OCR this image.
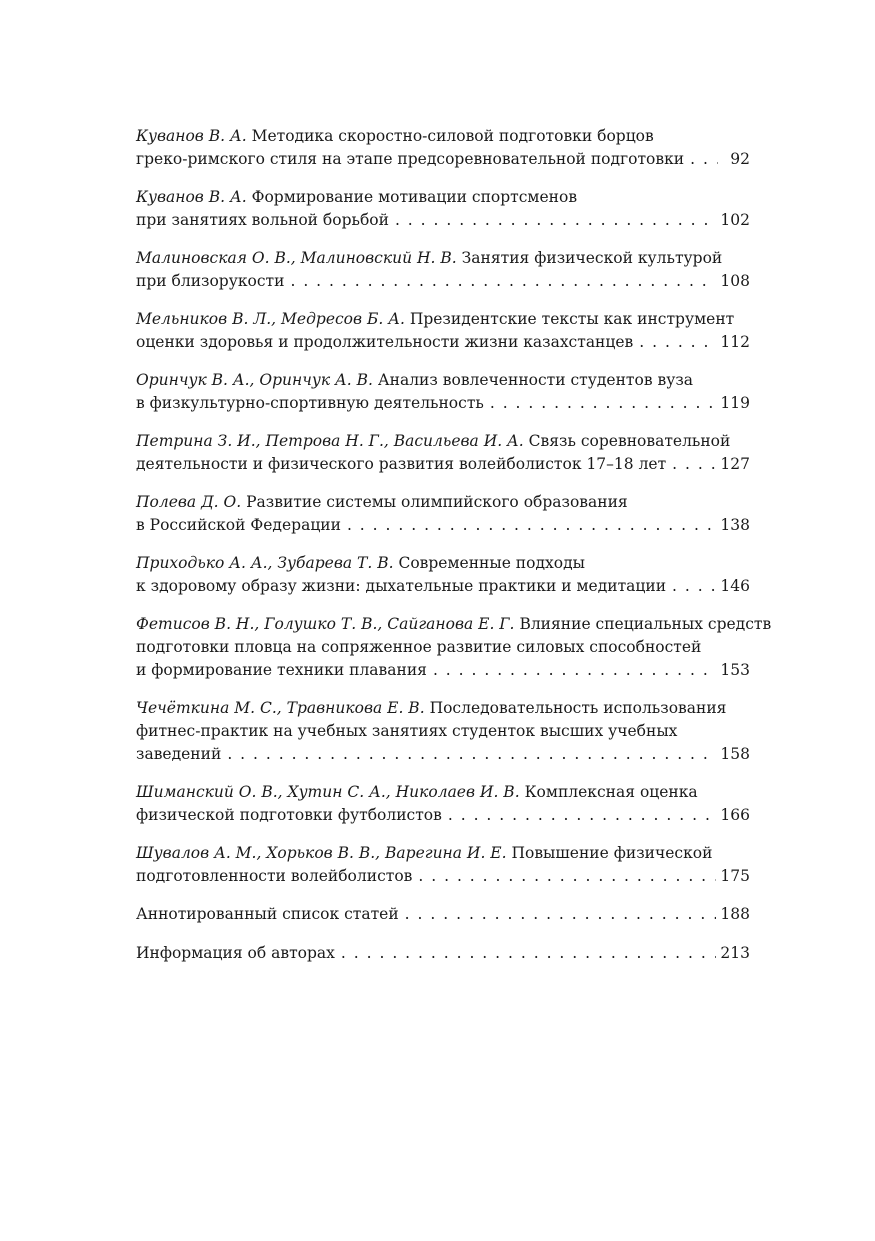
Куванов В. А. Методика скоростно-силовой подготовки борцов
греко-римского стиля на этапе предсоревновательной подготовки . . .	92
Куванов В. А. Формирование мотивации спортсменов
при занятиях вольной борьбой . . .	102
Малиновская О. В., Малиновский Н. В. Занятия физической культурой
при близорукости . . .	108
Мельников В. Л., Медресов Б. А. Президентские тексты как инструмент
оценки здоровья и продолжительности жизни казахстанцев . . .	112
Оринчук В. А., Оринчук А. В. Анализ вовлеченности студентов вуза
в физкультурно-спортивную деятельность . . .	119
Петрина З. И., Петрова Н. Г., Васильева И. А. Связь соревновательной
деятельности и физического развития волейболисток 17–18 лет . . .	127
Полева Д. О. Развитие системы олимпийского образования
в Российской Федерации . . .	138
Приходько А. А., Зубарева Т. В. Современные подходы
к здоровому образу жизни: дыхательные практики и медитации . . .	146
Фетисов В. Н., Голушко Т. В., Сайганова Е. Г. Влияние специальных средств
подготовки пловца на сопряженное развитие силовых способностей
и формирование техники плавания . . .	153
Чечёткина М. С., Травникова Е. В. Последовательность использования
фитнес-практик на учебных занятиях студенток высших учебных
заведений . . .	158
Шиманский О. В., Хутин С. А., Николаев И. В. Комплексная оценка
физической подготовки футболистов . . .	166
Шувалов А. М., Хорьков В. В., Варегина И. Е. Повышение физической
подготовленности волейболистов . . .	175
Аннотированный список статей . . .	188
Информация об авторах . . .	213
